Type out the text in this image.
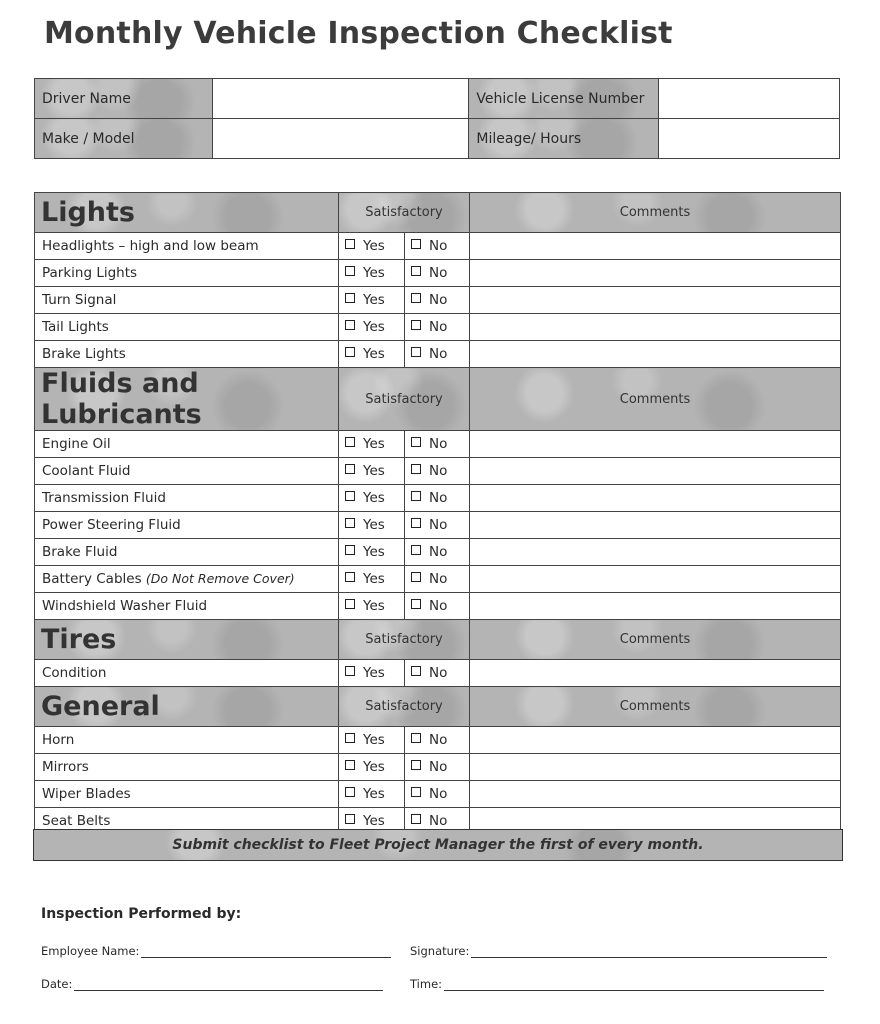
Monthly Vehicle Inspection Checklist
Driver Name		Vehicle License Number	
Make / Model		Mileage/ Hours	
Lights	Satisfactory		Comments
Headlights – high and low beam	Yes	No	
Parking Lights	Yes	No	
Turn Signal	Yes	No	
Tail Lights	Yes	No	
Brake Lights	Yes	No	
Fluids and Lubricants	Satisfactory		Comments
Engine Oil	Yes	No	
Coolant Fluid	Yes	No	
Transmission Fluid	Yes	No	
Power Steering Fluid	Yes	No	
Brake Fluid	Yes	No	
Battery Cables (Do Not Remove Cover)	Yes	No	
Windshield Washer Fluid	Yes	No	
Tires	Satisfactory		Comments
Condition	Yes	No	
General	Satisfactory		Comments
Horn	Yes	No	
Mirrors	Yes	No	
Wiper Blades	Yes	No	
Seat Belts	Yes	No	
Submit checklist to Fleet Project Manager the first of every month.
Inspection Performed by:
Employee Name:	Signature:
Date:	Time:
